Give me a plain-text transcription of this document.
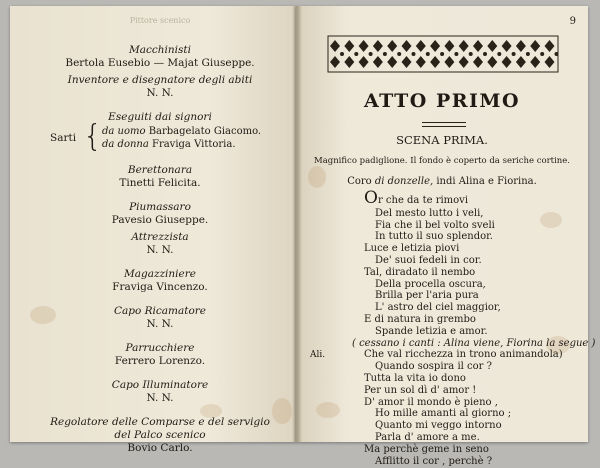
Pittore scenico
Macchinisti
Bertola Eusebio — Majat Giuseppe.
Inventore e disegnatore degli abiti
N. N.
Eseguiti dai signori
Sarti { da uomo Barbagelato Giacomo.
da donna Fraviga Vittoria.
Berettonara
Tinetti Felicita.
Piumassaro
Pavesio Giuseppe.
Attrezzista
N. N.
Magazziniere
Fraviga Vincenzo.
Capo Ricamatore
N. N.
Parrucchiere
Ferrero Lorenzo.
Capo Illuminatore
N. N.
Regolatore delle Comparse e del servigio
del Palco scenico
Bovio Carlo.
9
ATTO PRIMO
SCENA PRIMA.
Magnifico padiglione. Il fondo è coperto da seriche cortine.
Coro di donzelle, indi Alina e Fiorina.
Or che da te rimovi
Del mesto lutto i veli,
Fia che il bel volto sveli
In tutto il suo splendor.
Luce e letizia piovi
De' suoi fedeli in cor.
Tal, diradato il nembo
Della procella oscura,
Brilla per l'aria pura
L' astro del ciel maggior,
E di natura in grembo
Spande letizia e amor.
( cessano i canti : Alina viene, Fiorina la segue )
Che val ricchezza in trono animandola)
Ali.
Quando sospira il cor ?
Tutta la vita io dono
Per un sol dì d' amor !
D' amor il mondo è pieno ,
Ho mille amanti al giorno ;
Quanto mi veggo intorno
Parla d' amore a me.
Ma perchè geme in seno
Afflitto il cor , perchè ?
